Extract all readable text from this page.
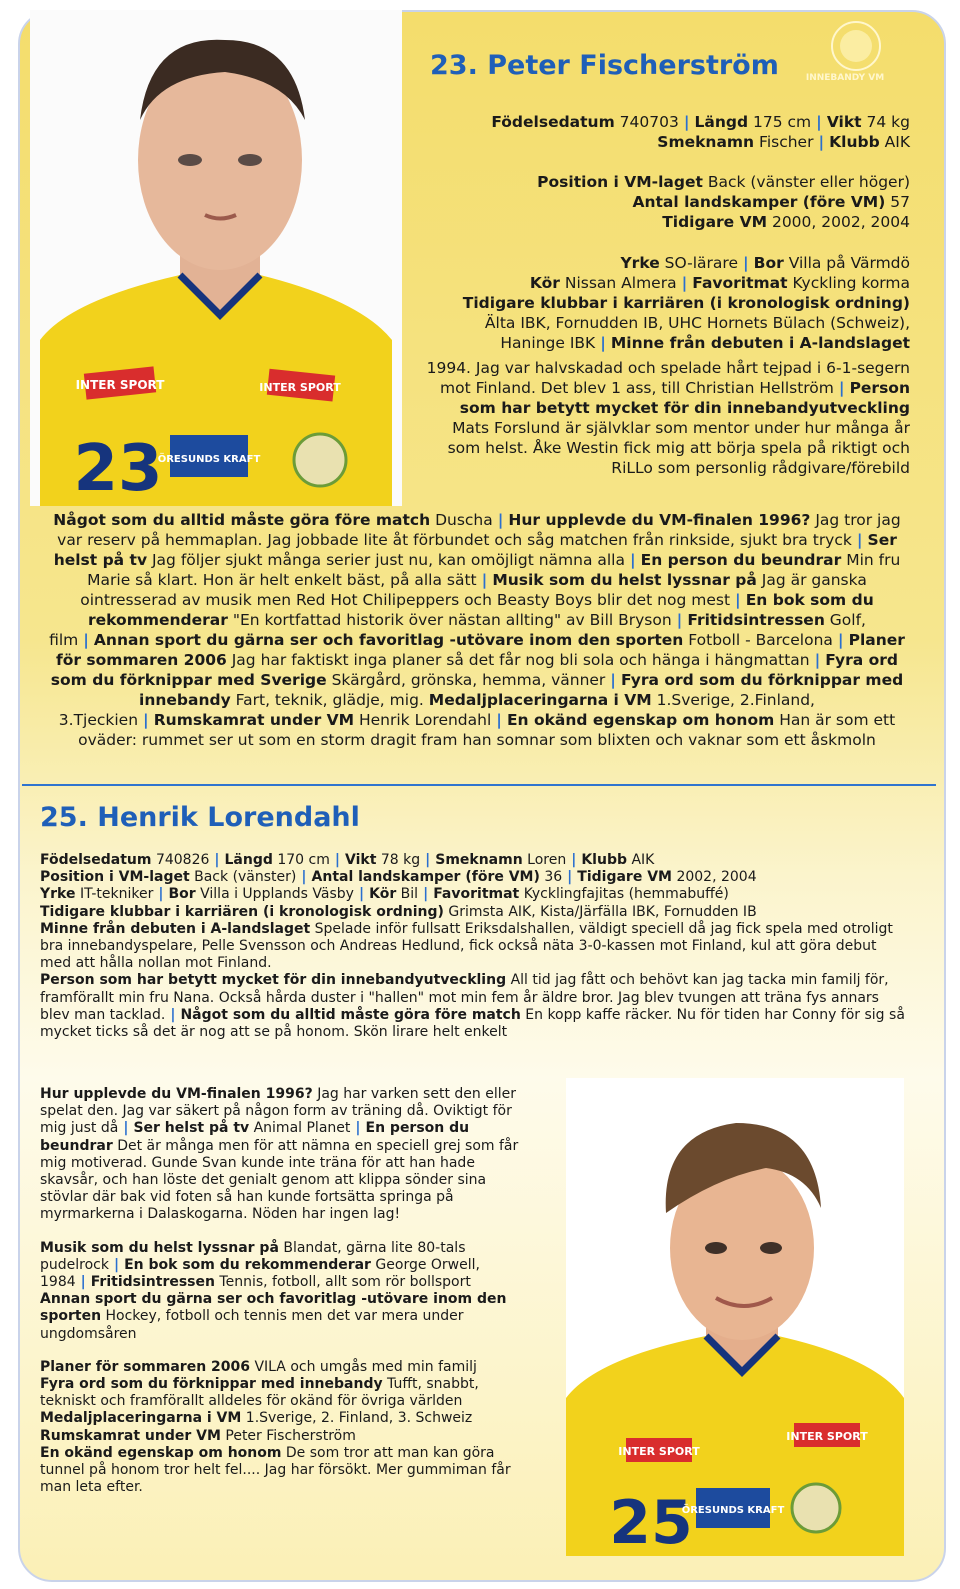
INTER SPORT	INTER SPORT
23
ÖRESUNDS KRAFT
INNEBANDY VM
23. Peter Fischerström
Födelsedatum 740703 | Längd 175 cm | Vikt 74 kg
Smeknamn Fischer | Klubb AIK
Position i VM-laget Back (vänster eller höger)
Antal landskamper (före VM) 57
Tidigare VM 2000, 2002, 2004
Yrke SO-lärare | Bor Villa på Värmdö
Kör Nissan Almera | Favoritmat Kyckling korma
Tidigare klubbar i karriären (i kronologisk ordning)
Älta IBK, Fornudden IB, UHC Hornets Bülach (Schweiz),
Haninge IBK | Minne från debuten i A-landslaget
1994. Jag var halvskadad och spelade hårt tejpad i 6-1-segern mot Finland. Det blev 1 ass, till Christian Hellström | Person som har betytt mycket för din innebandyutveckling Mats Forslund är självklar som mentor under hur många år som helst. Åke Westin fick mig att börja spela på riktigt och RiLLo som personlig rådgivare/förebild
Något som du alltid måste göra före match Duscha | Hur upplevde du VM-finalen 1996? Jag tror jag var reserv på hemmaplan. Jag jobbade lite åt förbundet och såg matchen från rinkside, sjukt bra tryck | Ser helst på tv Jag följer sjukt många serier just nu, kan omöjligt nämna alla | En person du beundrar Min fru Marie så klart. Hon är helt enkelt bäst, på alla sätt | Musik som du helst lyssnar på Jag är ganska ointresserad av musik men Red Hot Chilipeppers och Beasty Boys blir det nog mest | En bok som du rekommenderar "En kortfattad historik över nästan allting" av Bill Bryson | Fritidsintressen Golf, film | Annan sport du gärna ser och favoritlag -utövare inom den sporten Fotboll - Barcelona | Planer för sommaren 2006 Jag har faktiskt inga planer så det får nog bli sola och hänga i hängmattan | Fyra ord som du förknippar med Sverige Skärgård, grönska, hemma, vänner | Fyra ord som du förknippar med innebandy Fart, teknik, glädje, mig. Medaljplaceringarna i VM 1.Sverige, 2.Finland, 3.Tjeckien | Rumskamrat under VM Henrik Lorendahl | En okänd egenskap om honom Han är som ett oväder: rummet ser ut som en storm dragit fram han somnar som blixten och vaknar som ett åskmoln
25. Henrik Lorendahl
Födelsedatum 740826 | Längd 170 cm | Vikt 78 kg | Smeknamn Loren | Klubb AIK
Position i VM-laget Back (vänster) | Antal landskamper (före VM) 36 | Tidigare VM 2002, 2004
Yrke IT-tekniker | Bor Villa i Upplands Väsby | Kör Bil | Favoritmat Kycklingfajitas (hemmabuffé)
Tidigare klubbar i karriären (i kronologisk ordning) Grimsta AIK, Kista/Järfälla IBK, Fornudden IB
Minne från debuten i A-landslaget Spelade inför fullsatt Eriksdalshallen, väldigt speciell då jag fick spela med otroligt bra innebandyspelare, Pelle Svensson och Andreas Hedlund, fick också näta 3-0-kassen mot Finland, kul att göra debut med att hålla nollan mot Finland.
Person som har betytt mycket för din innebandyutveckling All tid jag fått och behövt kan jag tacka min familj för, framförallt min fru Nana. Också hårda duster i "hallen" mot min fem år äldre bror. Jag blev tvungen att träna fys annars blev man tacklad. | Något som du alltid måste göra före match En kopp kaffe räcker. Nu för tiden har Conny för sig så mycket ticks så det är nog att se på honom. Skön lirare helt enkelt

Hur upplevde du VM-finalen 1996? Jag har varken sett den eller spelat den. Jag var säkert på någon form av träning då. Oviktigt för mig just då | Ser helst på tv Animal Planet | En person du beundrar Det är många men för att nämna en speciell grej som får mig motiverad. Gunde Svan kunde inte träna för att han hade skavsår, och han löste det genialt genom att klippa sönder sina stövlar där bak vid foten så han kunde fortsätta springa på myrmarkerna i Dalaskogarna. Nöden har ingen lag!

Musik som du helst lyssnar på Blandat, gärna lite 80-tals pudelrock | En bok som du rekommenderar George Orwell, 1984 | Fritidsintressen Tennis, fotboll, allt som rör bollsport
Annan sport du gärna ser och favoritlag -utövare inom den sporten Hockey, fotboll och tennis men det var mera under ungdomsåren

Planer för sommaren 2006 VILA och umgås med min familj
Fyra ord som du förknippar med innebandy Tufft, snabbt, tekniskt och framförallt alldeles för okänd för övriga världen
Medaljplaceringarna i VM 1.Sverige, 2. Finland, 3. Schweiz
Rumskamrat under VM Peter Fischerström
En okänd egenskap om honom De som tror att man kan göra tunnel på honom tror helt fel.... Jag har försökt. Mer gummiman får man leta efter.

INTER SPORT
INTER SPORT
25
ÖRESUNDS KRAFT
